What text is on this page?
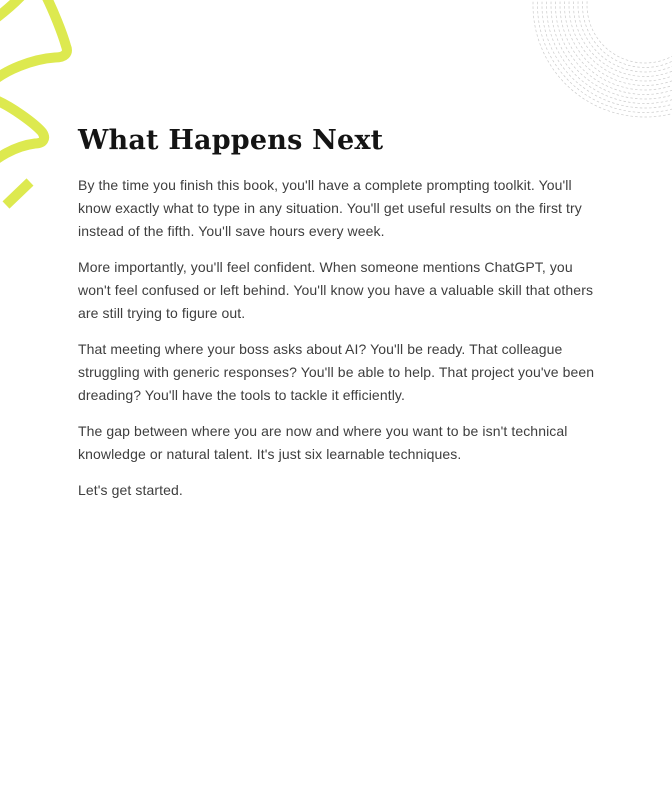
What Happens Next

By the time you finish this book, you'll have a complete prompting toolkit. You'll know exactly what to type in any situation. You'll get useful results on the first try instead of the fifth. You'll save hours every week.

More importantly, you'll feel confident. When someone mentions ChatGPT, you won't feel confused or left behind. You'll know you have a valuable skill that others are still trying to figure out.

That meeting where your boss asks about AI? You'll be ready. That colleague struggling with generic responses? You'll be able to help. That project you've been dreading? You'll have the tools to tackle it efficiently.

The gap between where you are now and where you want to be isn't technical knowledge or natural talent. It's just six learnable techniques.

Let's get started.
